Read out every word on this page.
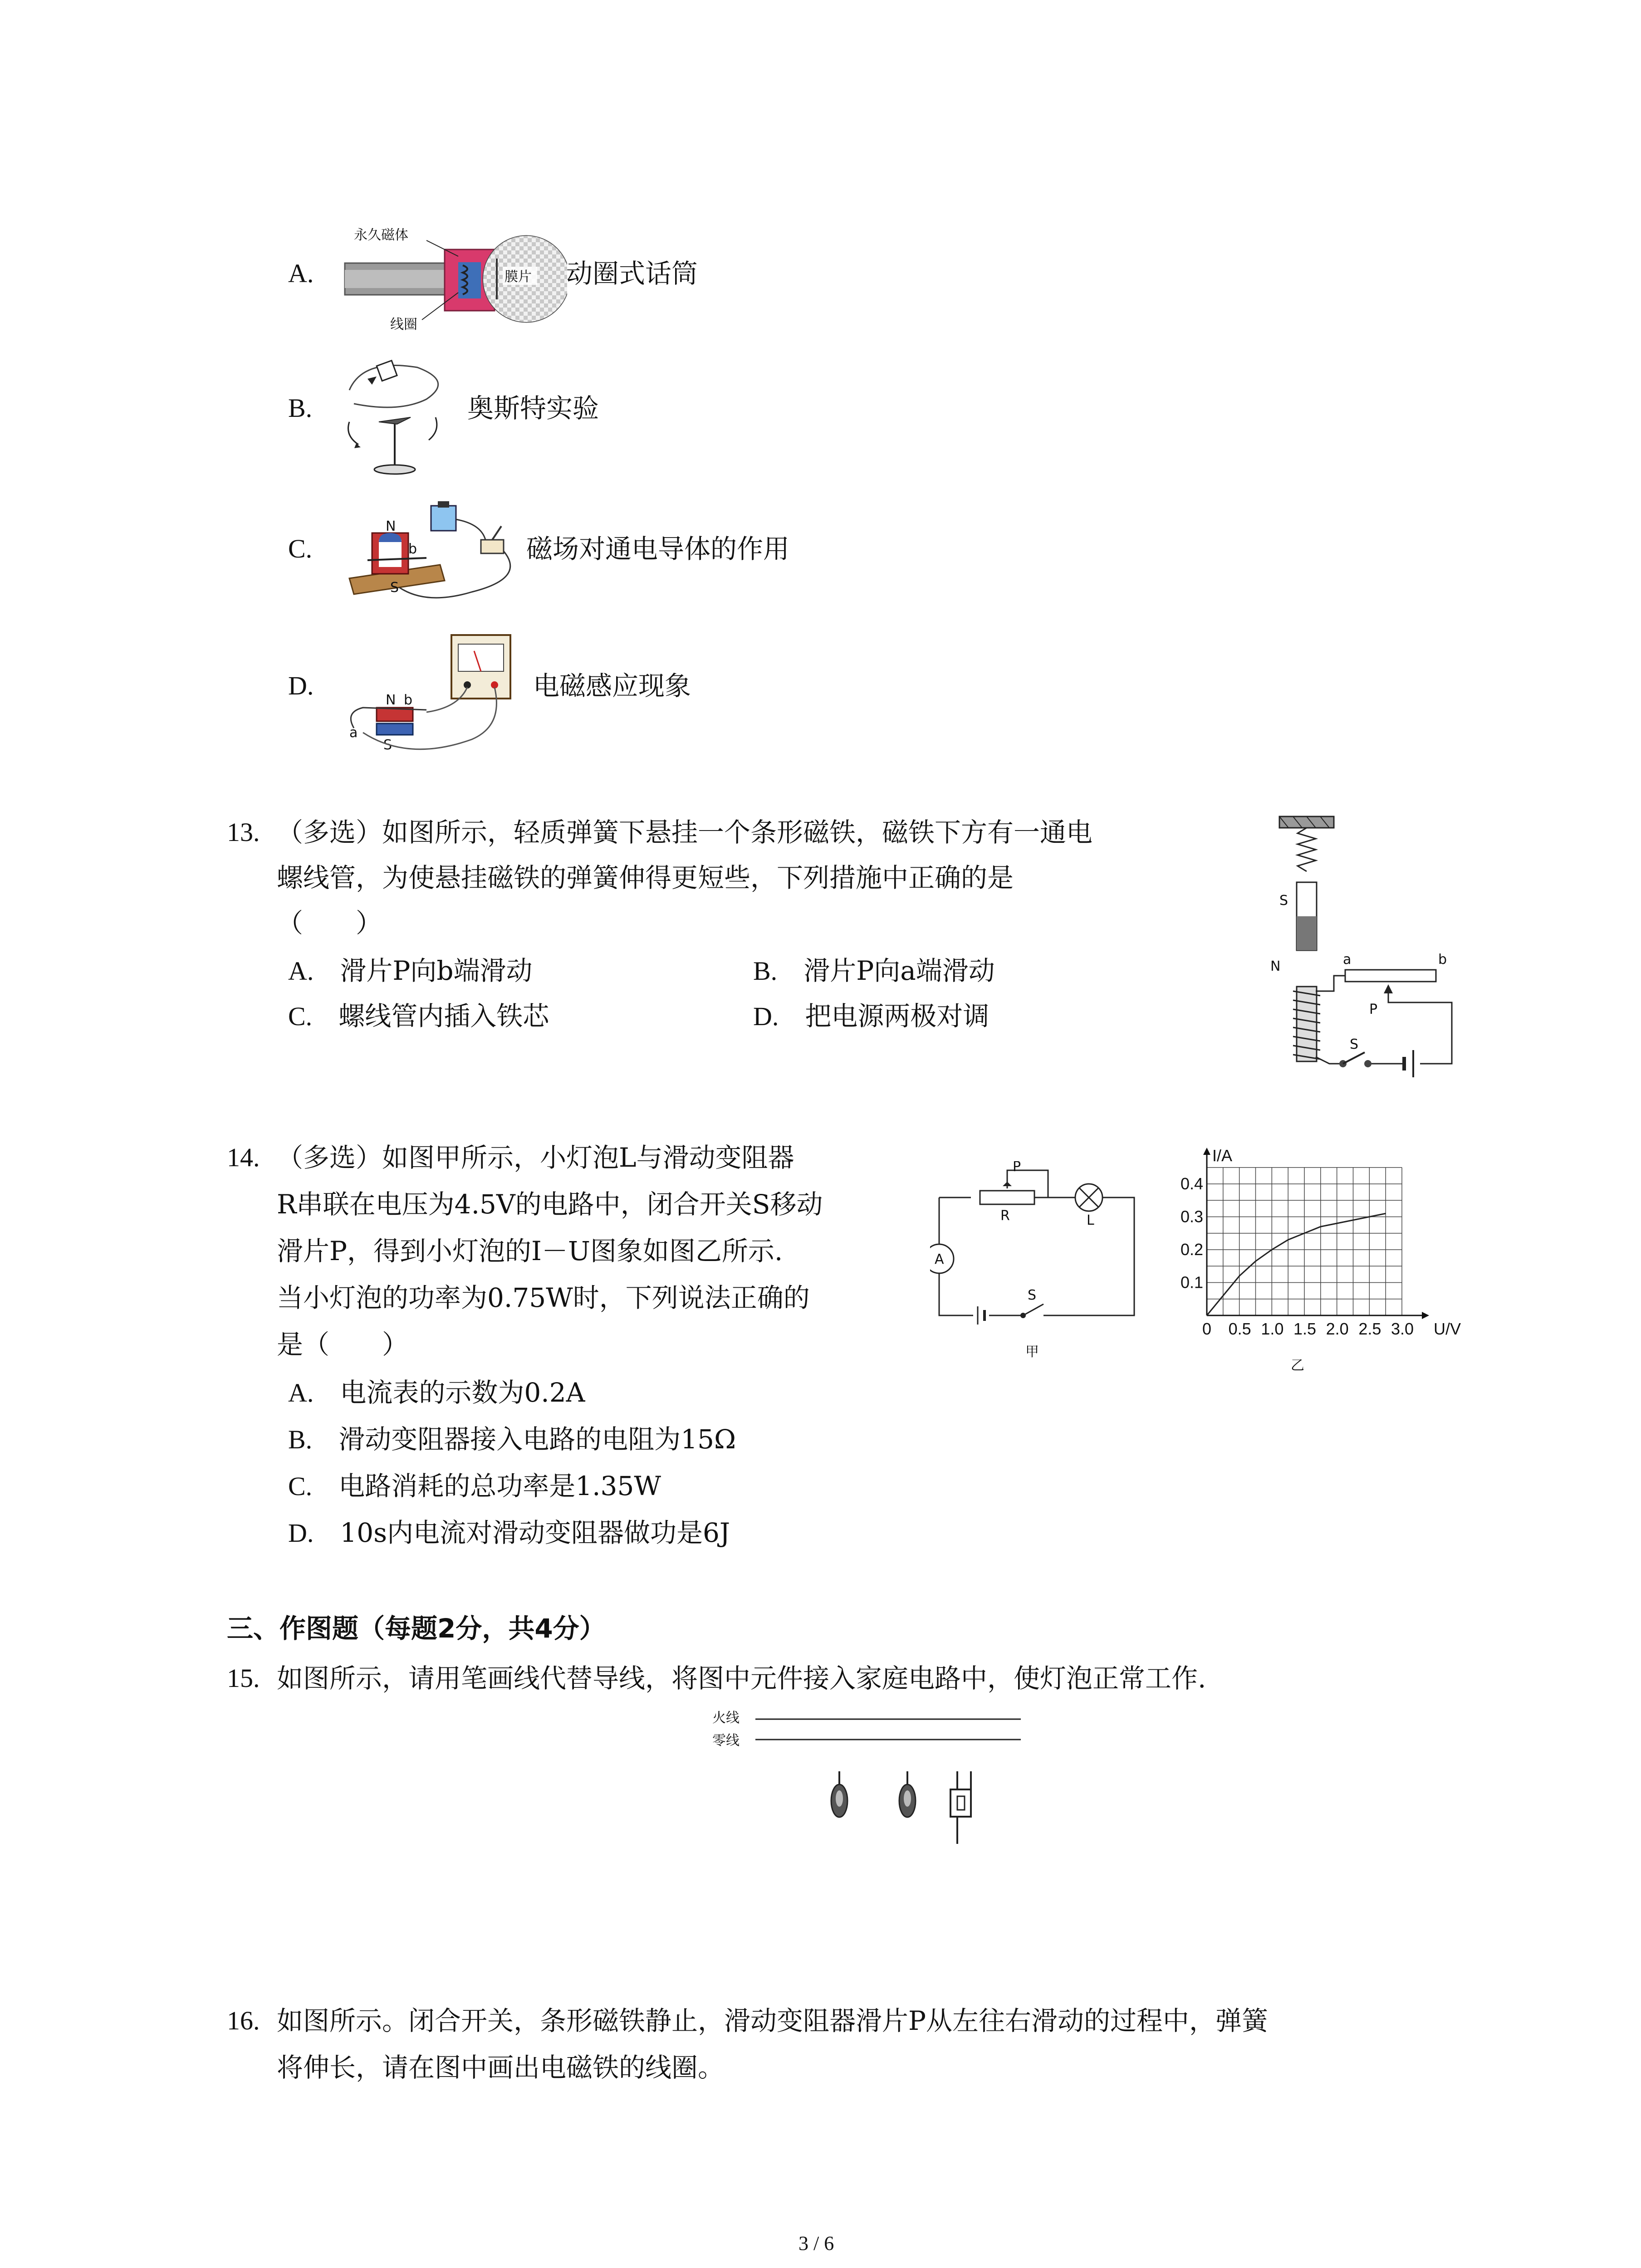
A.	膜片
永久磁体
线圈
动圈式话筒
B.	奥斯特实验
C.
N
S
b	磁场对通电导体的作用
D.	N b
a
S
电磁感应现象
13. （多选）如图所示，轻质弹簧下悬挂一个条形磁铁，磁铁下方有一通电
螺线管，为使悬挂磁铁的弹簧伸得更短些，下列措施中正确的是
（　　）
A.　 滑片P向b端滑动	B.　 滑片P向a端滑动
C.　 螺线管内插入铁芯	D.　 把电源两极对调
S
N	a	b
P
S
14. （多选）如图甲所示，小灯泡L与滑动变阻器
R串联在电压为4.5V的电路中，闭合开关S移动
滑片P，得到小灯泡的I－U图象如图乙所示.
当小灯泡的功率为0.75W时，下列说法正确的
是（　　）
A.　 电流表的示数为0.2A
B.　 滑动变阻器接入电路的电阻为15Ω
C.　 电路消耗的总功率是1.35W
D.　 10s内电流对滑动变阻器做功是6J
P
R	L
A
S
甲
0 0.5 1.0 1.5 2.0 2.5 3.0
0.1
0.2
0.3
0.4
I/A
U/V
乙
三、作图题（每题2分，共4分）
15. 如图所示，请用笔画线代替导线，将图中元件接入家庭电路中，使灯泡正常工作.
火线
零线
16. 如图所示。闭合开关，条形磁铁静止，滑动变阻器滑片P从左往右滑动的过程中，弹簧
将伸长，请在图中画出电磁铁的线圈。
3 / 6
